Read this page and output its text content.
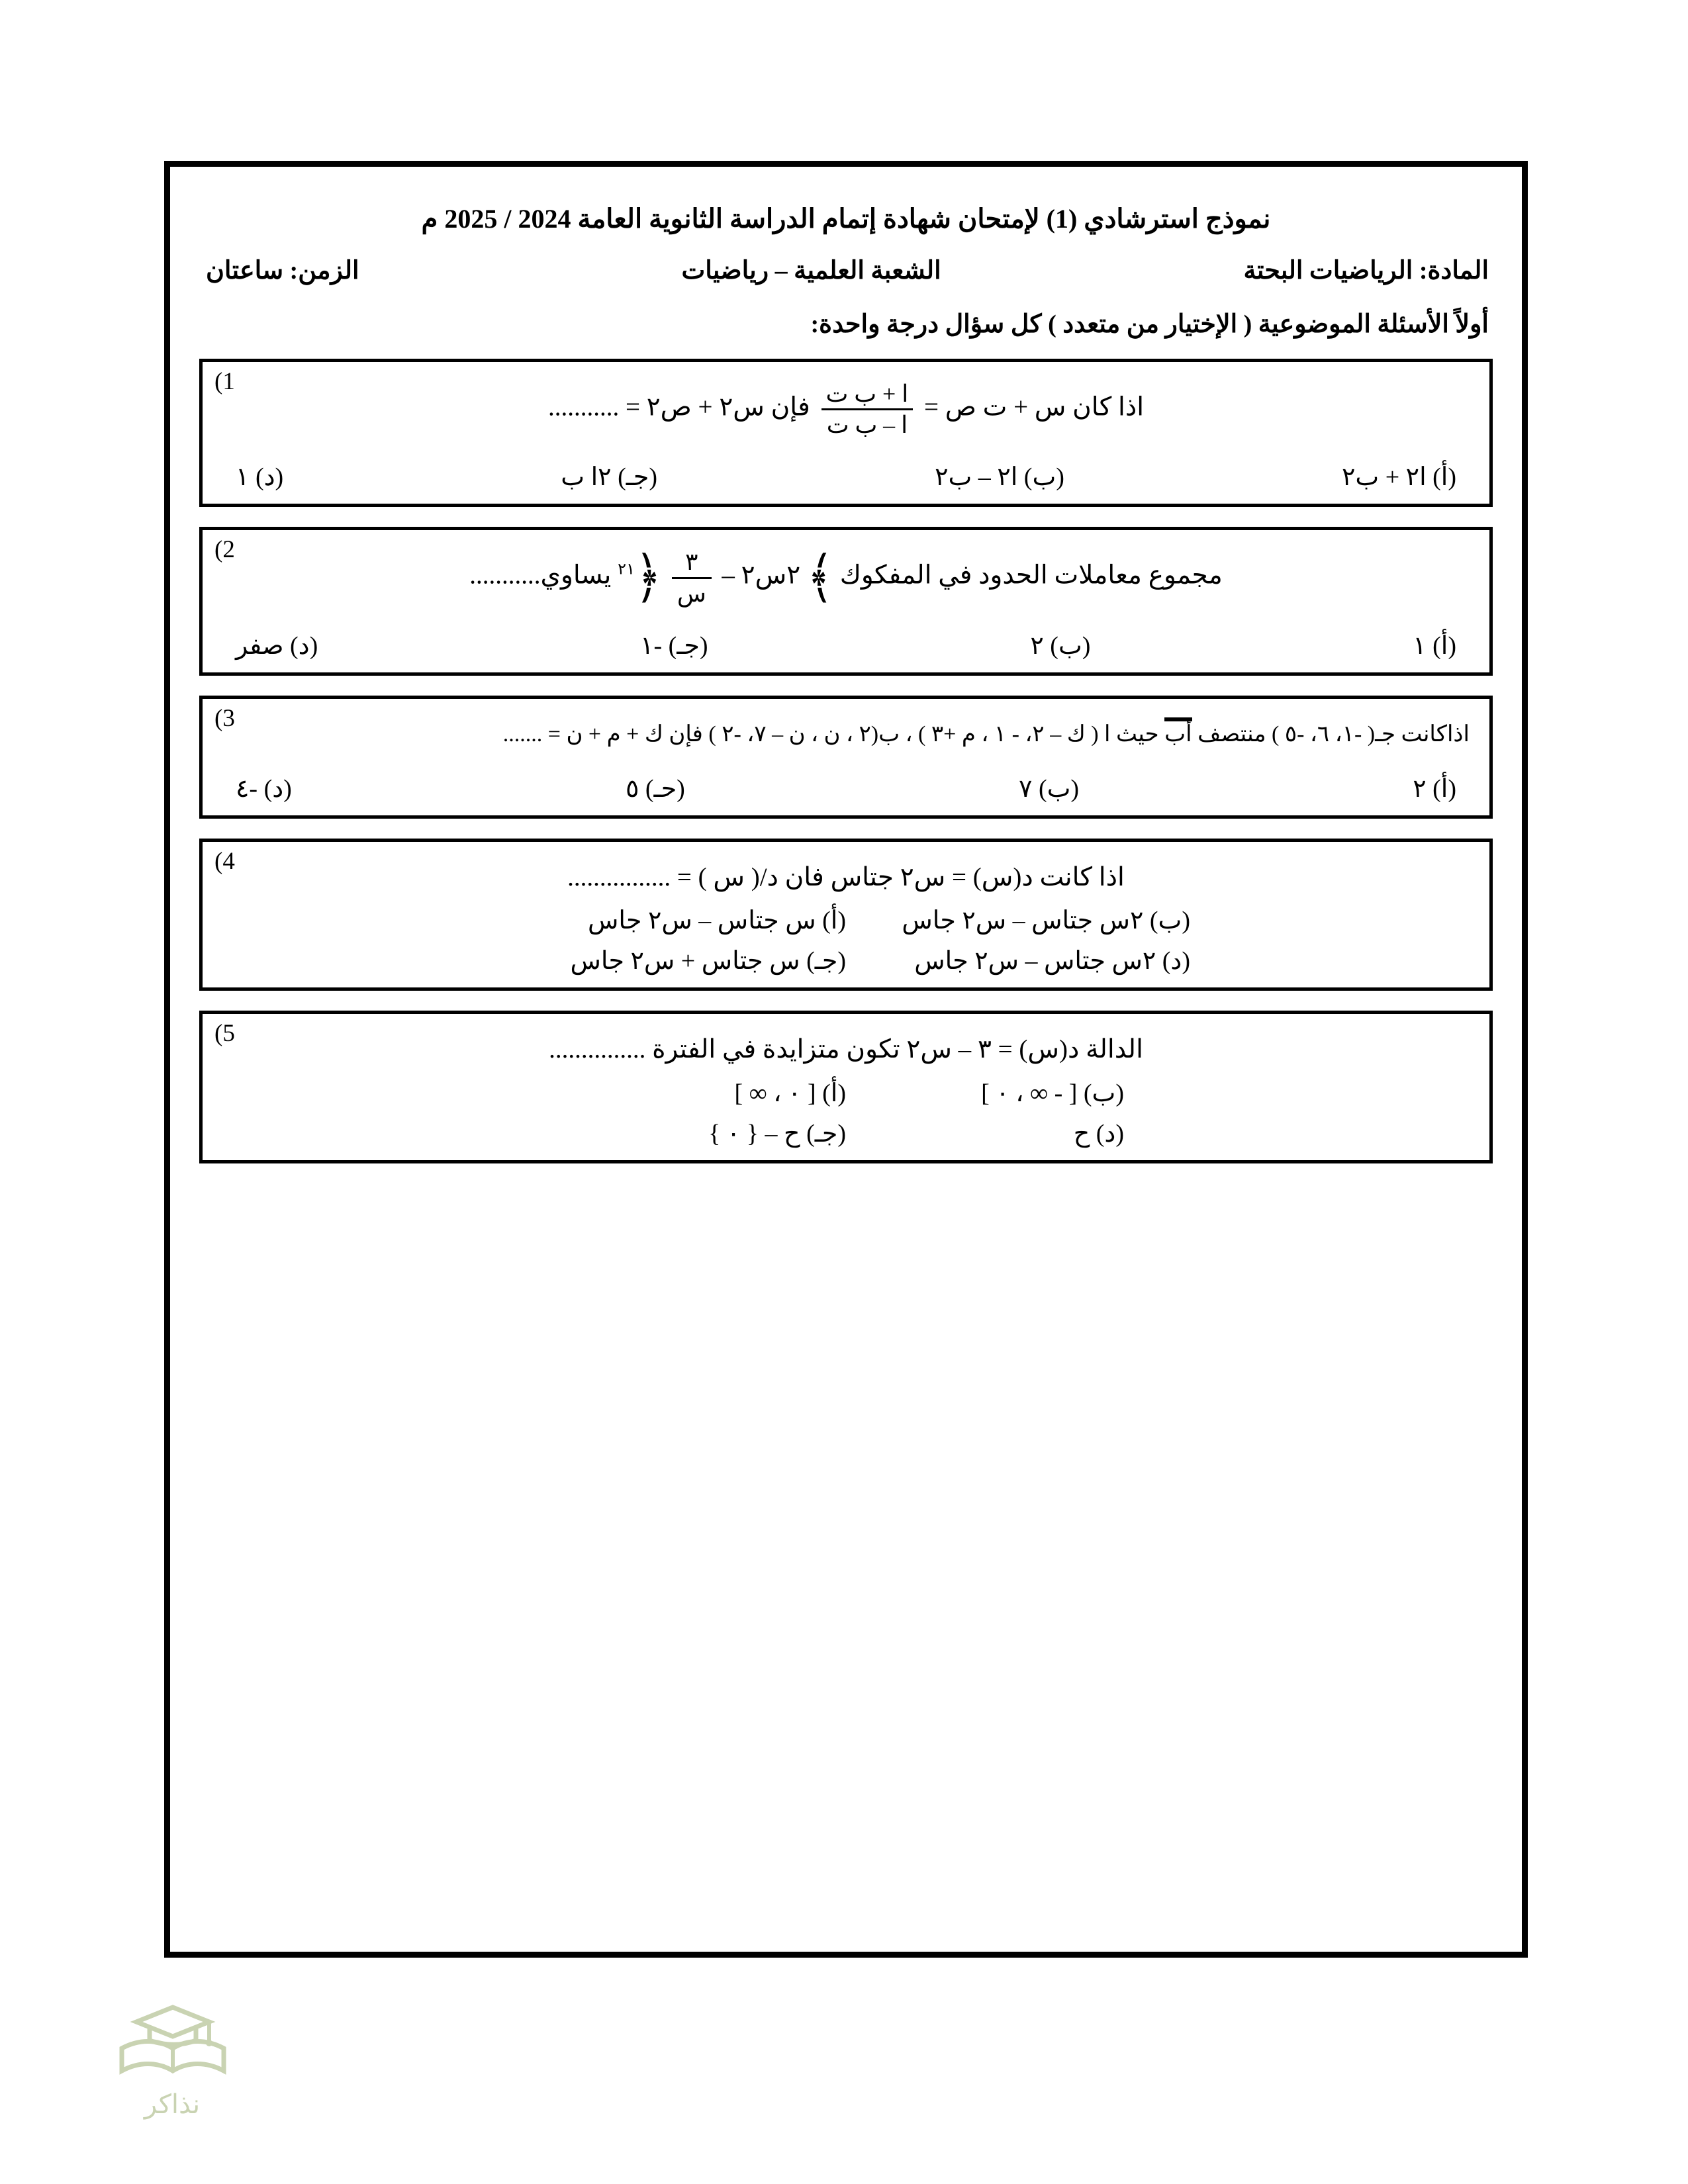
نموذج استرشادي (1) لإمتحان شهادة إتمام الدراسة الثانوية العامة 2024 / 2025 م
المادة: الرياضيات البحتة
الشعبة العلمية – رياضيات
الزمن: ساعتان
أولاً الأسئلة الموضوعية ( الإختيار من متعدد ) كل سؤال درجة واحدة:
(1
اذا كان س + ت ص =
$\frac{\text{ا + ب ت}}{\text{ا – ب ت}}$
فإن س٢ + ص٢ = ...........
(أ) ا٢ + ب٢
(ب) ا٢ – ب٢
(جـ) ٢ا ب
(د) ١
(2
مجموع معاملات الحدود في المفكوك ﴾ ٢س٢ –
$\frac{٣}{\text{س}}$
﴿$^{٢١}$ يساوي...........
(أ) ١
(ب) ٢
(جـ) -١
(د) صفر
(3
اذاكانت جـ( -١، ٦، -٥ ) منتصف أب حيث ا ( ك – ٢، - ١ ، م +٣ ) ، ب(٢ ، ن ، ن – ٧، -٢ ) فإن ك + م + ن = .......
(أ) ٢
(ب) ٧
(حـ) ٥
(د) -٤
(4
اذا كانت د(س) = س٢ جتاس فان د/( س ) = ................
(ب) ٢س جتاس – س٢ جاس
(أ) س جتاس – س٢ جاس
(د) ٢س جتاس – س٢ جاس
(جـ) س جتاس + س٢ جاس
(5
الدالة د(س) = ٣ – س٢ تكون متزايدة في الفترة ...............
(ب) [ - ∞ ، ٠ ]
(أ) [ ٠ ، ∞ ]
(د) ح
(جـ) ح – { ٠ }
نذاكر
